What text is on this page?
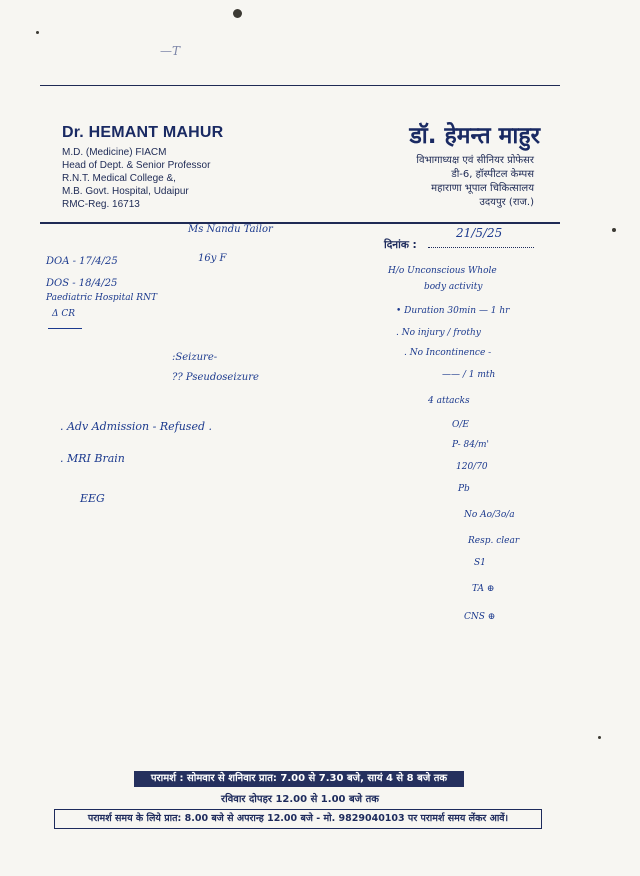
—T
Dr. HEMANT MAHUR
M.D. (Medicine) FIACM
Head of Dept. & Senior Professor
R.N.T. Medical College &,
M.B. Govt. Hospital, Udaipur
RMC-Reg. 16713
डॉ. हेमन्त माहुर
विभागाध्यक्ष एवं सीनियर प्रोफेसर
डी-6, हॉस्पीटल केम्पस
महाराणा भूपाल चिकित्सालय
उदयपुर (राज.)
दिनांक :
21/5/25
Ms Nandu Tailor
16y F
DOA - 17/4/25
DOS - 18/4/25
Paediatric Hospital RNT
Δ CR
:Seizure-
?? Pseudoseizure
. Adv Admission - Refused .
. MRI Brain
EEG
H/o Unconscious Whole
body activity
• Duration 30min — 1 hr
. No injury / frothy
. No Incontinence -
—— / 1 mth
4 attacks
O/E
P- 84/m'
120/70
Pb
No Ao/3o/a
Resp. clear
S1
TA ⊕
CNS ⊕
परामर्श : सोमवार से शनिवार प्रात: 7.00 से 7.30 बजे, सायं 4 से 8 बजे तक
रविवार दोपहर 12.00 से 1.00 बजे तक
परामर्श समय के लिये प्रात: 8.00 बजे से अपरान्ह 12.00 बजे - मो. 9829040103 पर परामर्श समय लेंकर आवें।
